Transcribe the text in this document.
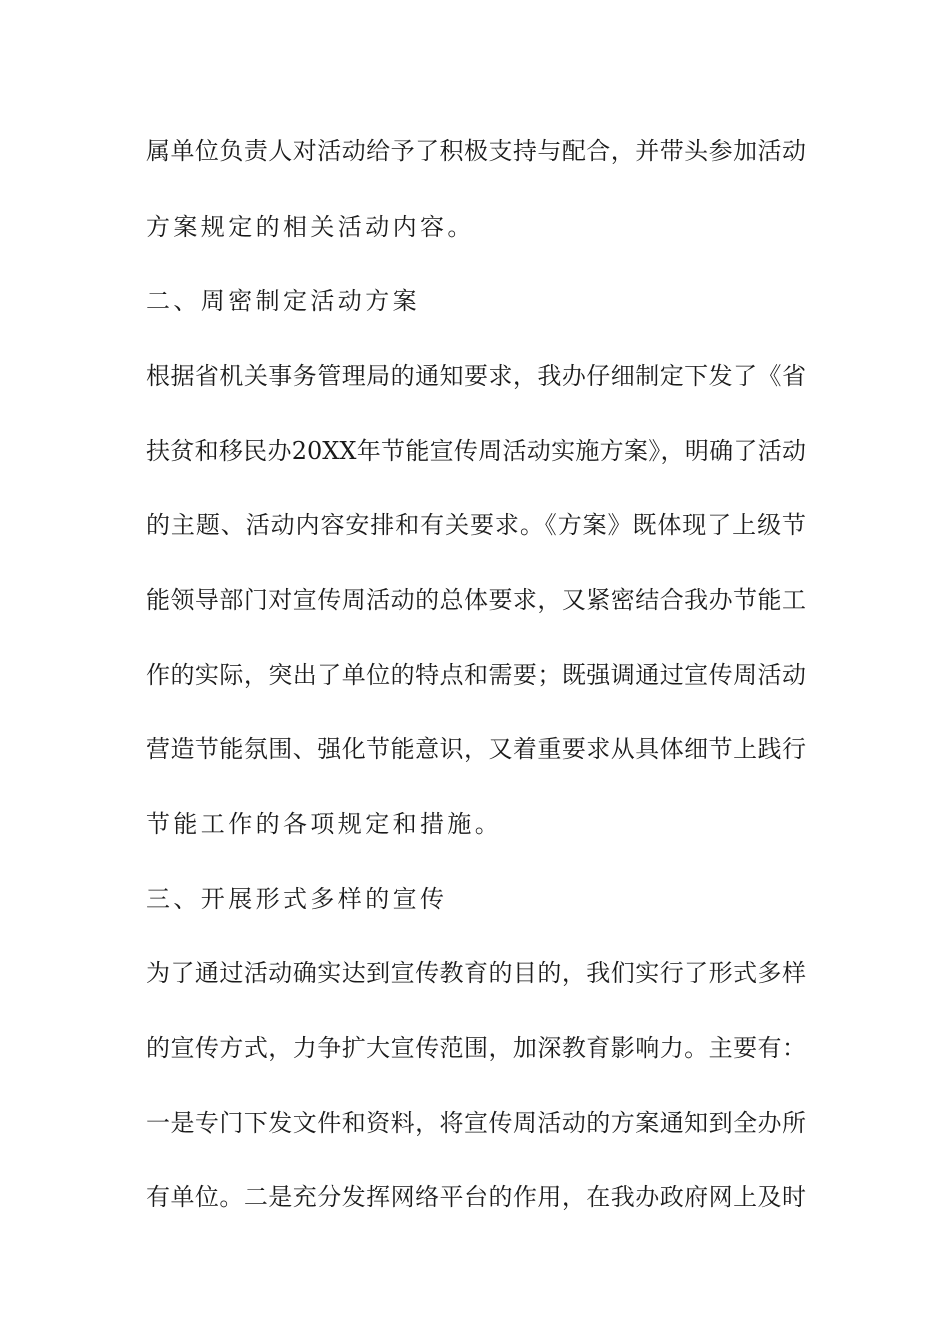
属单位负责人对活动给予了积极支持与配合，并带头参加活动
方案规定的相关活动内容。
二、周密制定活动方案
根据省机关事务管理局的通知要求，我办仔细制定下发了《省
扶贫和移民办20XX年节能宣传周活动实施方案》，明确了活动
的主题、活动内容安排和有关要求。《方案》既体现了上级节
能领导部门对宣传周活动的总体要求，又紧密结合我办节能工
作的实际，突出了单位的特点和需要；既强调通过宣传周活动
营造节能氛围、强化节能意识，又着重要求从具体细节上践行
节能工作的各项规定和措施。
三、开展形式多样的宣传
为了通过活动确实达到宣传教育的目的，我们实行了形式多样
的宣传方式，力争扩大宣传范围，加深教育影响力。主要有：
一是专门下发文件和资料，将宣传周活动的方案通知到全办所
有单位。二是充分发挥网络平台的作用，在我办政府网上及时
